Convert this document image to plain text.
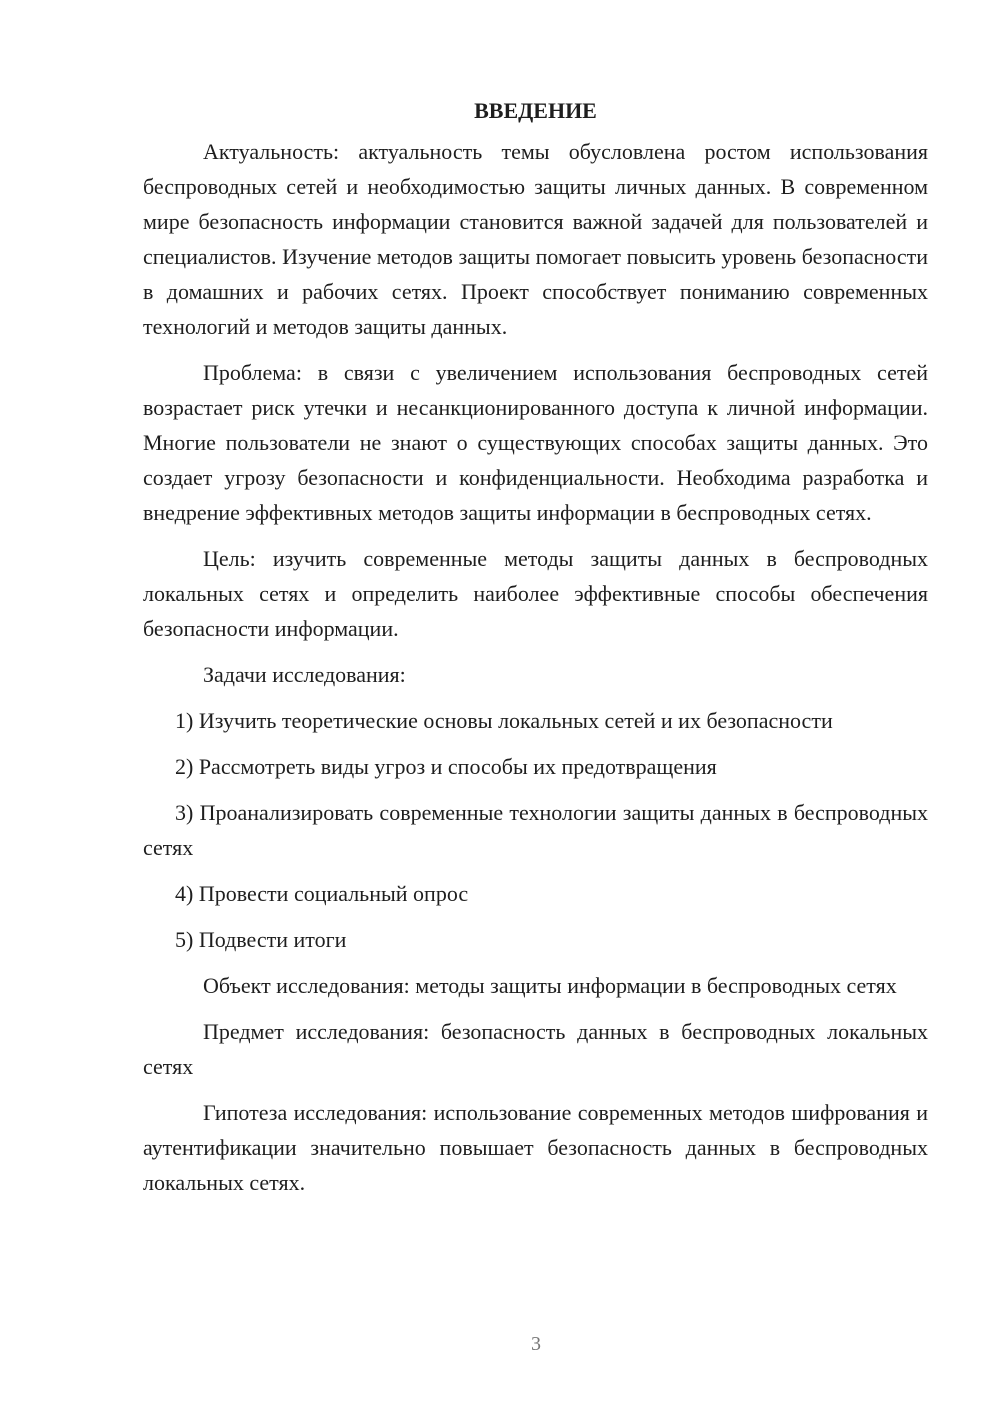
ВВЕДЕНИЕ

Актуальность: актуальность темы обусловлена ростом использования беспроводных сетей и необходимостью защиты личных данных. В современном мире безопасность информации становится важной задачей для пользователей и специалистов. Изучение методов защиты помогает повысить уровень безопасности в домашних и рабочих сетях. Проект способствует пониманию современных технологий и методов защиты данных.

Проблема: в связи с увеличением использования беспроводных сетей возрастает риск утечки и несанкционированного доступа к личной информации. Многие пользователи не знают о существующих способах защиты данных. Это создает угрозу безопасности и конфиденциальности. Необходима разработка и внедрение эффективных методов защиты информации в беспроводных сетях.

Цель: изучить современные методы защиты данных в беспроводных локальных сетях и определить наиболее эффективные способы обеспечения безопасности информации.

Задачи исследования:

1) Изучить теоретические основы локальных сетей и их безопасности

2) Рассмотреть виды угроз и способы их предотвращения

3) Проанализировать современные технологии защиты данных в беспроводных сетях

4) Провести социальный опрос

5) Подвести итоги

Объект исследования: методы защиты информации в беспроводных сетях

Предмет исследования: безопасность данных в беспроводных локальных сетях

Гипотеза исследования: использование современных методов шифрования и аутентификации значительно повышает безопасность данных в беспроводных локальных сетях.

3
